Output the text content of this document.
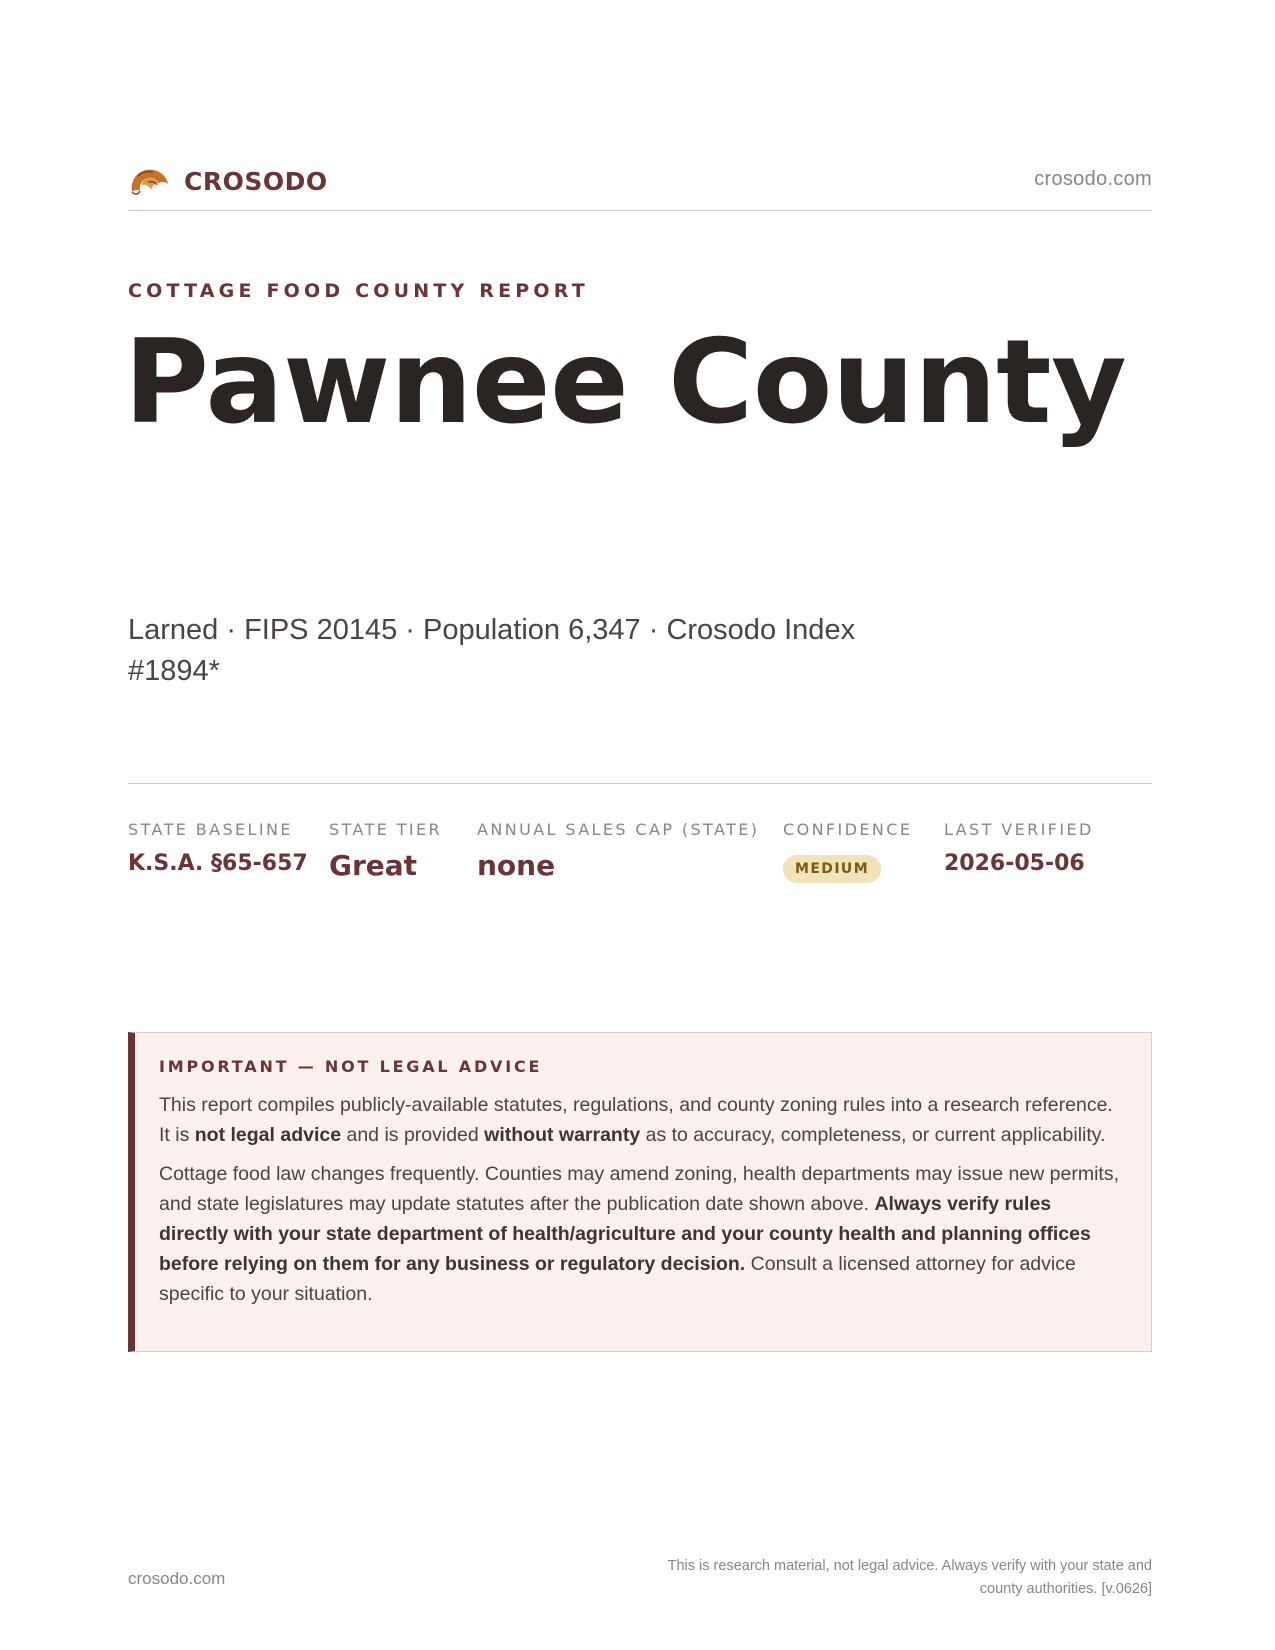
CROSODO	crosodo.com
COTTAGE FOOD COUNTY REPORT
Pawnee County
Larned · FIPS 20145 · Population 6,347 · Crosodo Index #1894*
STATE BASELINE
K.S.A. §65-657
STATE TIER
Great
ANNUAL SALES CAP (STATE)
none
CONFIDENCE
MEDIUM
LAST VERIFIED
2026-05-06
IMPORTANT — NOT LEGAL ADVICE

This report compiles publicly-available statutes, regulations, and county zoning rules into a research reference. It is not legal advice and is provided without warranty as to accuracy, completeness, or current applicability.

Cottage food law changes frequently. Counties may amend zoning, health departments may issue new permits, and state legislatures may update statutes after the publication date shown above. Always verify rules directly with your state department of health/agriculture and your county health and planning offices before relying on them for any business or regulatory decision. Consult a licensed attorney for advice specific to your situation.

crosodo.com
This is research material, not legal advice. Always verify with your state and county authorities. [v.0626]
